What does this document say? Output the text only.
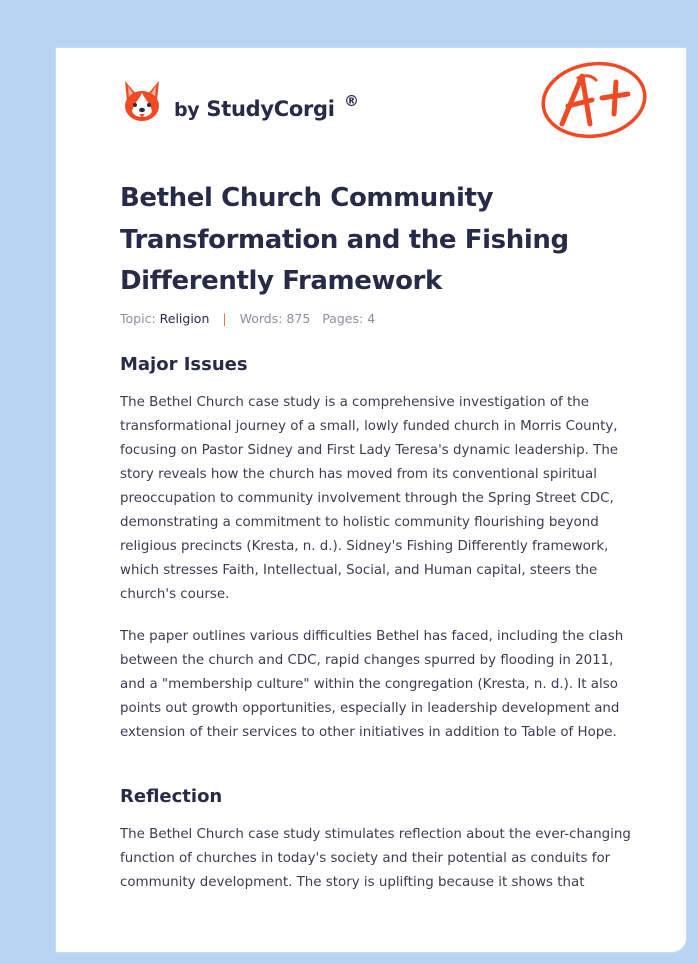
by StudyCorgi ®
Bethel Church Community Transformation and the Fishing Differently Framework
Topic: Religion | Words: 875 Pages: 4
Major Issues

The Bethel Church case study is a comprehensive investigation of the transformational journey of a small, lowly funded church in Morris County, focusing on Pastor Sidney and First Lady Teresa's dynamic leadership. The story reveals how the church has moved from its conventional spiritual preoccupation to community involvement through the Spring Street CDC, demonstrating a commitment to holistic community flourishing beyond religious precincts (Kresta, n. d.). Sidney's Fishing Differently framework, which stresses Faith, Intellectual, Social, and Human capital, steers the church's course.

The paper outlines various difficulties Bethel has faced, including the clash between the church and CDC, rapid changes spurred by flooding in 2011, and a "membership culture" within the congregation (Kresta, n. d.). It also points out growth opportunities, especially in leadership development and extension of their services to other initiatives in addition to Table of Hope.

Reflection

The Bethel Church case study stimulates reflection about the ever-changing function of churches in today's society and their potential as conduits for community development. The story is uplifting because it shows that
